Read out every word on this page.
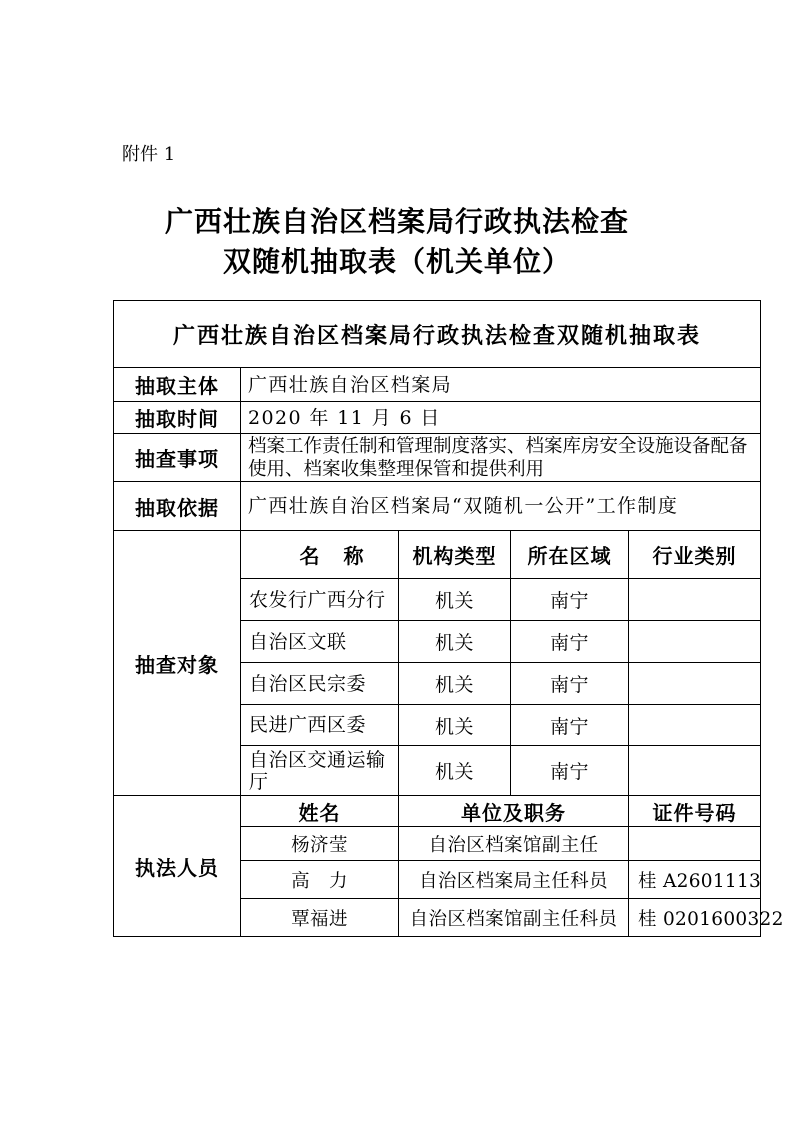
附件 1
广西壮族自治区档案局行政执法检查
双随机抽取表（机关单位）
广西壮族自治区档案局行政执法检查双随机抽取表				
抽取主体	广西壮族自治区档案局			
抽取时间	2020 年 11 月 6 日			
抽查事项	档案工作责任制和管理制度落实、档案库房安全设施设备配备使用、档案收集整理保管和提供利用			

抽取依据	广西壮族自治区档案局“双随机一公开”工作制度			
抽查对象	名称	机构类型	所在区域	行业类别
	农发行广西分行	机关	南宁	
	自治区文联	机关	南宁	
	自治区民宗委	机关	南宁	
	民进广西区委	机关	南宁	

	自治区交通运输厅	机关	南宁	
执法人员	姓名	单位及职务		证件号码
	杨济莹	自治区档案馆副主任		
	高　力	自治区档案局主任科员		桂 A2601113
	覃福进	自治区档案馆副主任科员		桂 0201600322
